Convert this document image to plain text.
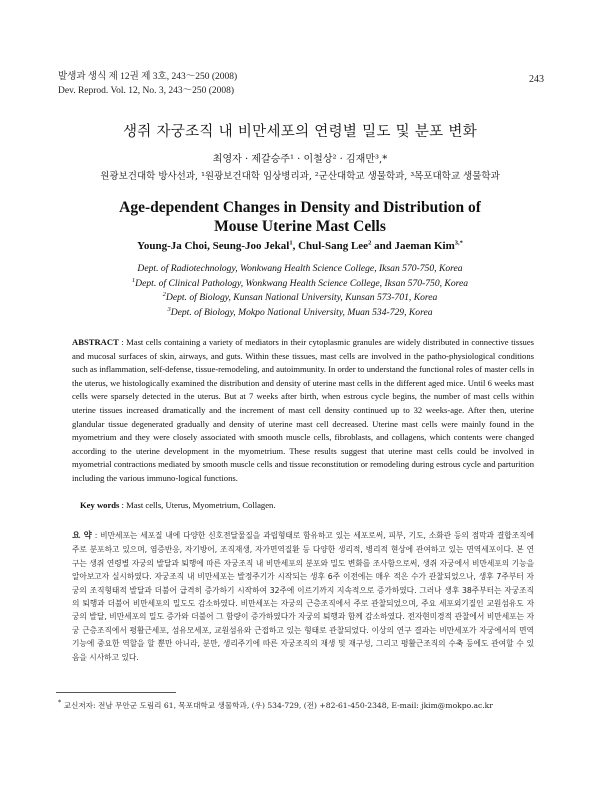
발생과 생식 제 12권 제 3호, 243～250 (2008)
Dev. Reprod. Vol. 12, No. 3, 243～250 (2008)
243
생쥐 자궁조직 내 비만세포의 연령별 밀도 및 분포 변화
최영자 · 제갈승주¹ · 이철상² · 김재만³,*
원광보건대학 방사선과, ¹원광보건대학 임상병리과, ²군산대학교 생물학과, ³목포대학교 생물학과
Age-dependent Changes in Density and Distribution of
Mouse Uterine Mast Cells
Young-Ja Choi, Seung-Joo Jekal$^1$, Chul-Sang Lee$^2$ and Jaeman Kim$^{3,*}$
Dept. of Radiotechnology, Wonkwang Health Science College, Iksan 570-750, Korea
$^1$Dept. of Clinical Pathology, Wonkwang Health Science College, Iksan 570-750, Korea
$^2$Dept. of Biology, Kunsan National University, Kunsan 573-701, Korea
$^3$Dept. of Biology, Mokpo National University, Muan 534-729, Korea
ABSTRACT : Mast cells containing a variety of mediators in their cytoplasmic granules are widely distributed in connective tissues and mucosal surfaces of skin, airways, and guts. Within these tissues, mast cells are involved in the patho-physiological conditions such as inflammation, self-defense, tissue-remodeling, and autoimmunity. In order to understand the functional roles of master cells in the uterus, we histologically examined the distribution and density of uterine mast cells in the different aged mice. Until 6 weeks mast cells were sparsely detected in the uterus. But at 7 weeks after birth, when estrous cycle begins, the number of mast cells within uterine tissues increased dramatically and the increment of mast cell density continued up to 32 weeks-age. After then, uterine glandular tissue degenerated gradually and density of uterine mast cell decreased. Uterine mast cells were mainly found in the myometrium and they were closely associated with smooth muscle cells, fibroblasts, and collagens, which contents were changed according to the uterine development in the myometrium. These results suggest that uterine mast cells could be involved in myometrial contractions mediated by smooth muscle cells and tissue reconstitution or remodeling during estrous cycle and parturition including the various immuno-logical functions.
Key words : Mast cells, Uterus, Myometrium, Collagen.
요 약 : 비만세포는 세포질 내에 다양한 신호전달물질을 과립형태로 함유하고 있는 세포로써, 피부, 기도, 소화관 등의 점막과 결합조직에 주로 분포하고 있으며, 염증반응, 자기방어, 조직재생, 자가면역질환 등 다양한 생리적, 병리적 현상에 관여하고 있는 면역세포이다. 본 연구는 생쥐 연령별 자궁의 발달과 퇴행에 따른 자궁조직 내 비만세포의 분포와 밀도 변화를 조사함으로써, 생쥐 자궁에서 비만세포의 기능을 알아보고자 실시하였다. 자궁조직 내 비만세포는 발정주기가 시작되는 생후 6주 이전에는 매우 적은 수가 관찰되었으나, 생후 7주부터 자궁의 조직형태적 발달과 더불어 급격히 증가하기 시작하여 32주에 이르기까지 지속적으로 증가하였다. 그러나 생후 38주부터는 자궁조직의 퇴행과 더불어 비만세포의 밀도도 감소하였다. 비만세포는 자궁의 근층조직에서 주로 관찰되었으며, 주요 세포외기질인 교원섬유도 자궁의 발달, 비만세포의 밀도 증가와 더불어 그 함량이 증가하였다가 자궁의 퇴행과 함께 감소하였다. 전자현미경적 관찰에서 비만세포는 자궁 근층조직에서 평활근세포, 섬유모세포, 교원섬유와 근접하고 있는 형태로 관찰되었다. 이상의 연구 결과는 비만세포가 자궁에서의 면역기능에 중요한 역할을 할 뿐만 아니라, 분만, 생리주기에 따른 자궁조직의 재생 및 재구성, 그리고 평활근조직의 수축 등에도 관여할 수 있음을 시사하고 있다.
* 교신저자: 전남 무안군 도림리 61, 목포대학교 생물학과, (우) 534-729, (전) +82-61-450-2348, E-mail: jkim@mokpo.ac.kr
